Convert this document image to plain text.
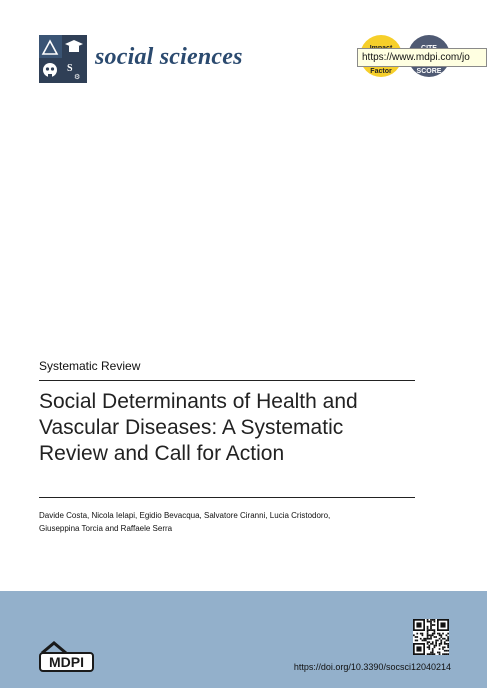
S
⚙
social sciences
Factor	SCORE
https://www.mdpi.com/jo
Systematic Review
Social Determinants of Health and
Vascular Diseases: A Systematic
Review and Call for Action
Davide Costa, Nicola Ielapi, Egidio Bevacqua, Salvatore Ciranni, Lucia Cristodoro,
Giuseppina Torcia and Raffaele Serra
MDPI	https://doi.org/10.3390/socsci12040214
